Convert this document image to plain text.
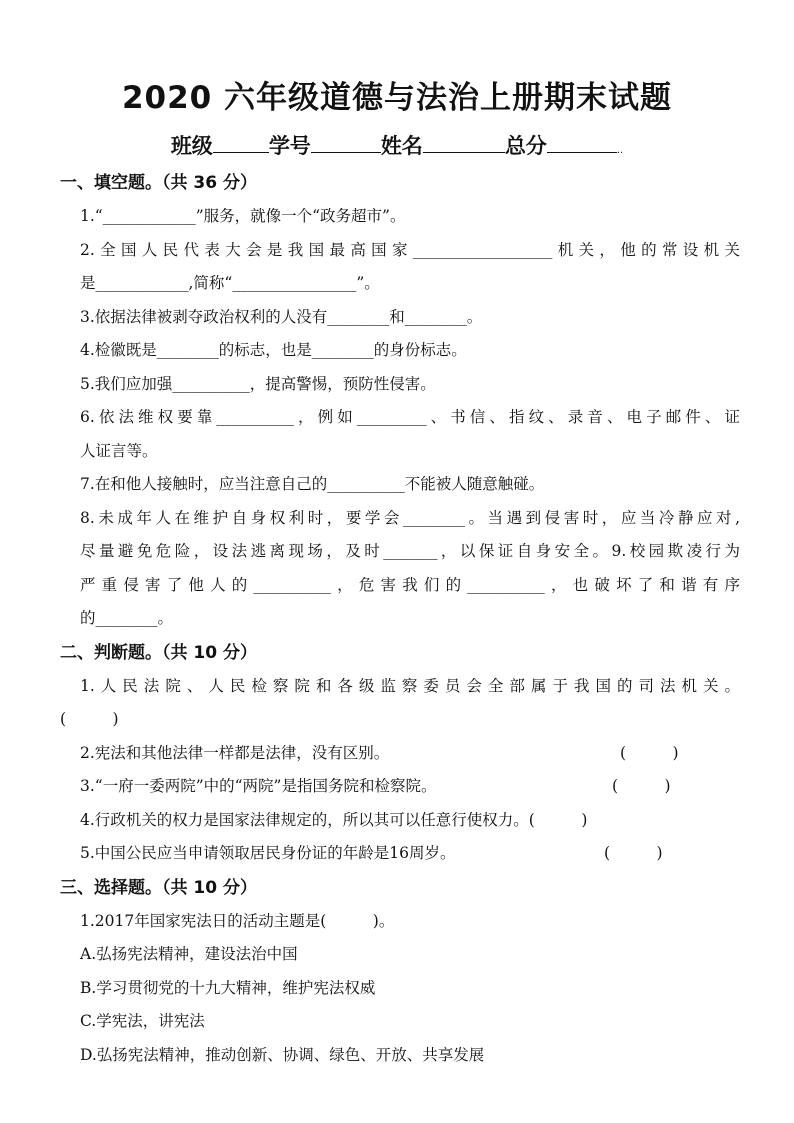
2020 六年级道德与法治上册期末试题
班级	学号	姓名	总分	..
一、填空题。（共 36 分）
1.“____________”服务，就像一个“政务超市”。
2.全国人民代表大会是我国最高国家__________________机关，他的常设机关
是____________,简称“________________”。
3.依据法律被剥夺政治权利的人没有________和________。
4.检徽既是________的标志，也是________的身份标志。
5.我们应加强__________，提高警惕，预防性侵害。
6.依法维权要靠__________，例如_________、书信、指纹、录音、电子邮件、证
人证言等。
7.在和他人接触时，应当注意自己的__________不能被人随意触碰。
8.未成年人在维护自身权利时，要学会________。当遇到侵害时，应当冷静应对,
尽量避免危险，设法逃离现场，及时_______，以保证自身安全。9.校园欺凌行为
严重侵害了他人的__________，危害我们的__________，也破坏了和谐有序
的________。
二、判断题。（共 10 分）
1.人民法院、人民检察院和各级监察委员会全部属于我国的司法机关。
(　　　)
2.宪法和其他法律一样都是法律，没有区别。	(　　　)
3.“一府一委两院”中的“两院”是指国务院和检察院。	(　　　)
4.行政机关的权力是国家法律规定的，所以其可以任意行使权力。(　　　)
5.中国公民应当申请领取居民身份证的年龄是16周岁。	(　　　)
三、选择题。（共 10 分）
1.2017年国家宪法日的活动主题是(　　　)。
A.弘扬宪法精神，建设法治中国
B.学习贯彻党的十九大精神，维护宪法权威
C.学宪法，讲宪法
D.弘扬宪法精神，推动创新、协调、绿色、开放、共享发展
